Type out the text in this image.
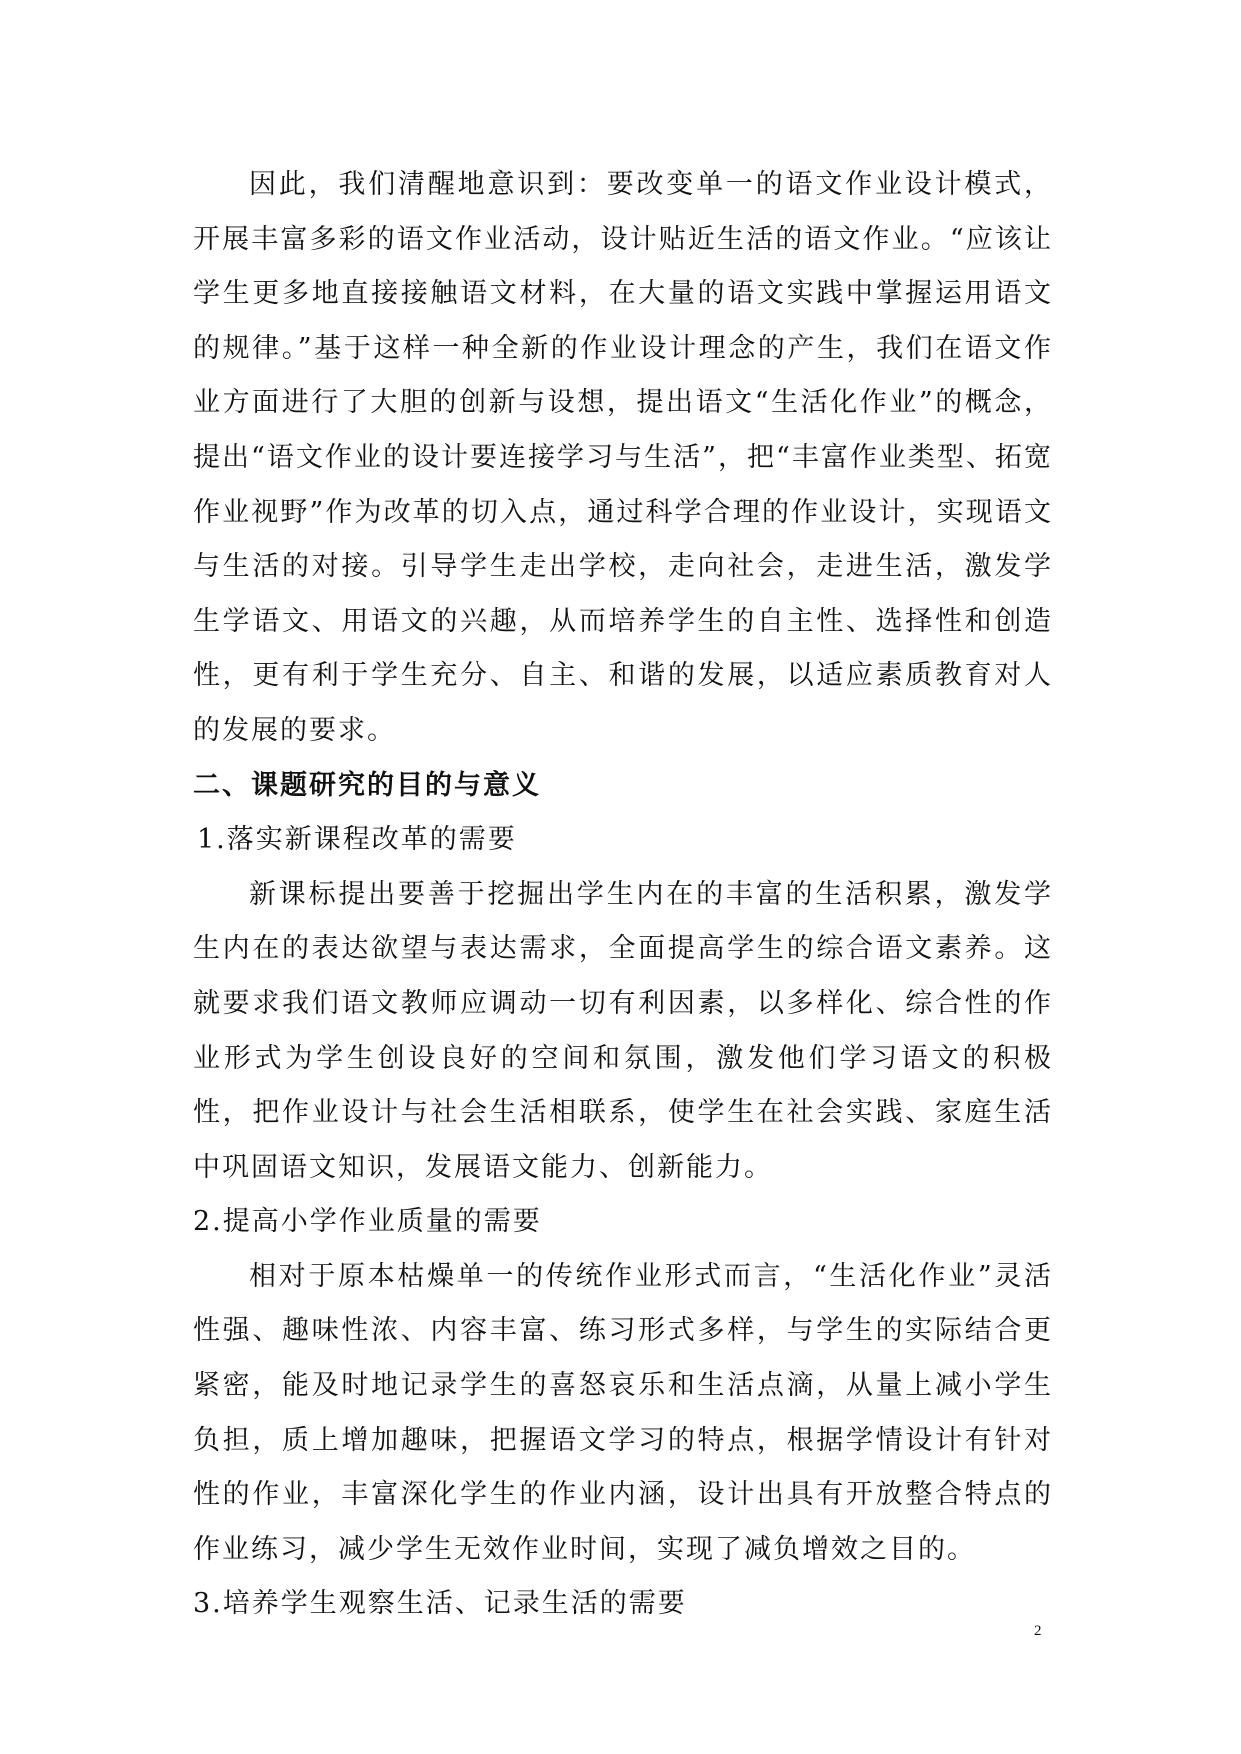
因此，我们清醒地意识到：要改变单一的语文作业设计模式，开展丰富多彩的语文作业活动，设计贴近生活的语文作业。“应该让学生更多地直接接触语文材料，在大量的语文实践中掌握运用语文的规律。”基于这样一种全新的作业设计理念的产生，我们在语文作业方面进行了大胆的创新与设想，提出语文“生活化作业”的概念，提出“语文作业的设计要连接学习与生活”，把“丰富作业类型、拓宽作业视野”作为改革的切入点，通过科学合理的作业设计，实现语文与生活的对接。引导学生走出学校，走向社会，走进生活，激发学生学语文、用语文的兴趣，从而培养学生的自主性、选择性和创造性，更有利于学生充分、自主、和谐的发展，以适应素质教育对人的发展的要求。

二、课题研究的目的与意义

1.落实新课程改革的需要

新课标提出要善于挖掘出学生内在的丰富的生活积累，激发学生内在的表达欲望与表达需求，全面提高学生的综合语文素养。这就要求我们语文教师应调动一切有利因素，以多样化、综合性的作业形式为学生创设良好的空间和氛围，激发他们学习语文的积极性，把作业设计与社会生活相联系，使学生在社会实践、家庭生活中巩固语文知识，发展语文能力、创新能力。

2.提高小学作业质量的需要

相对于原本枯燥单一的传统作业形式而言，“生活化作业”灵活性强、趣味性浓、内容丰富、练习形式多样，与学生的实际结合更紧密，能及时地记录学生的喜怒哀乐和生活点滴，从量上减小学生负担，质上增加趣味，把握语文学习的特点，根据学情设计有针对性的作业，丰富深化学生的作业内涵，设计出具有开放整合特点的作业练习，减少学生无效作业时间，实现了减负增效之目的。

3.培养学生观察生活、记录生活的需要

2
